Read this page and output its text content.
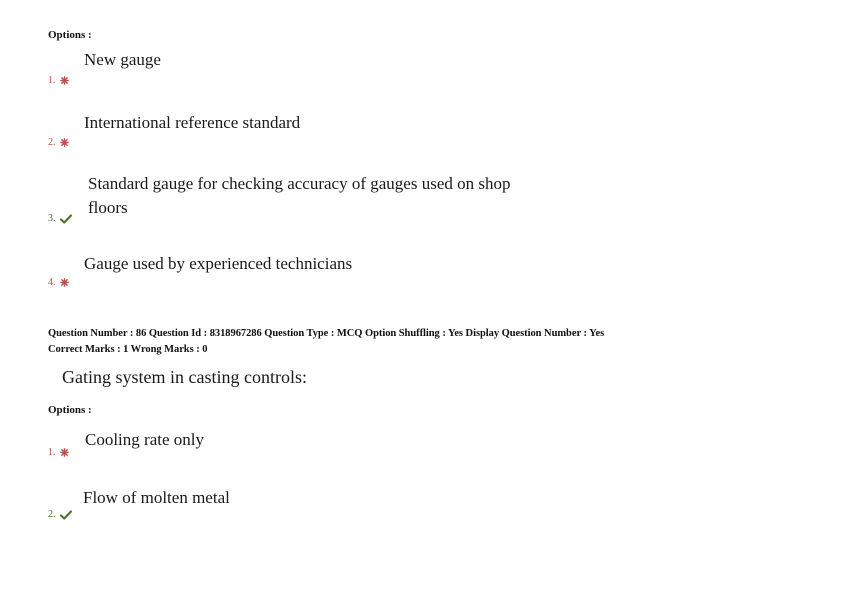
Options :
New gauge
1.
International reference standard
2.
Standard gauge for checking accuracy of gauges used on shop
floors
3.
Gauge used by experienced technicians
4.
Question Number : 86 Question Id : 8318967286 Question Type : MCQ Option Shuffling : Yes Display Question Number : Yes
Correct Marks : 1 Wrong Marks : 0
Gating system in casting controls:
Options :
Cooling rate only
1.
Flow of molten metal
2.
